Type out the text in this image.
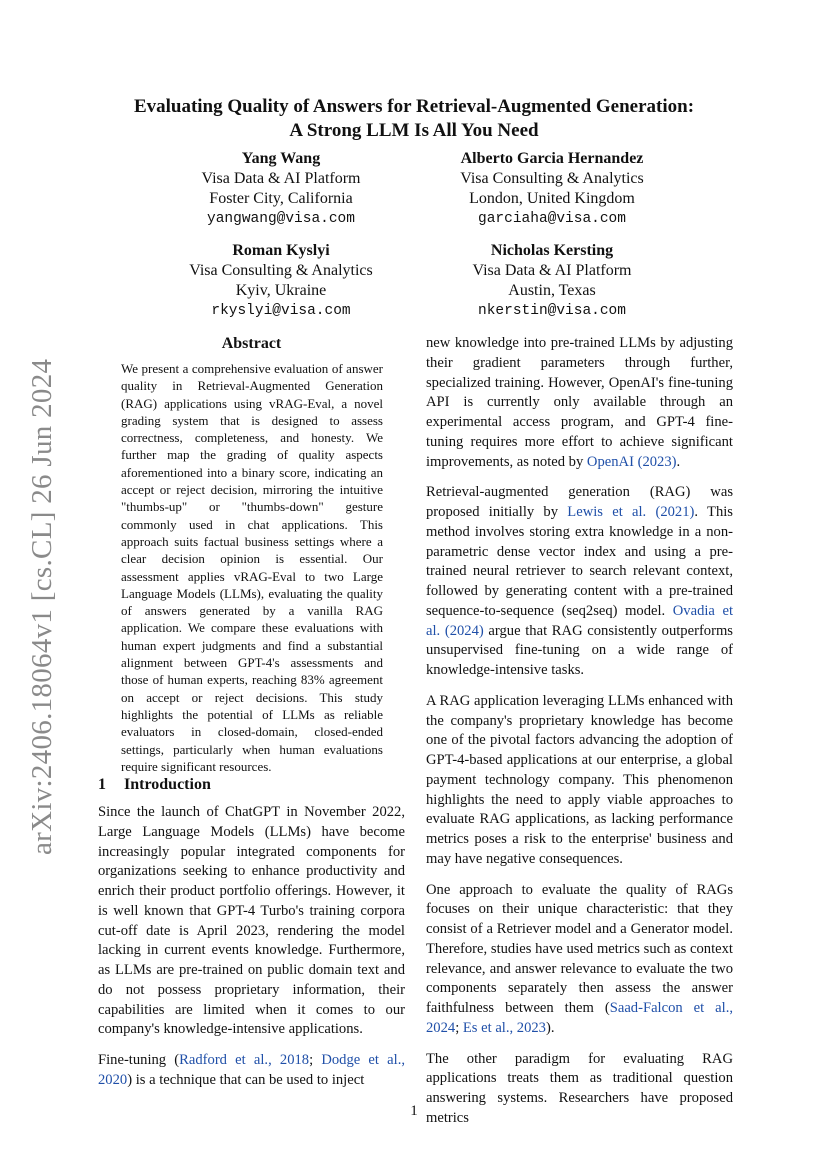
arXiv:2406.18064v1 [cs.CL] 26 Jun 2024
Evaluating Quality of Answers for Retrieval-Augmented Generation:
A Strong LLM Is All You Need
Yang Wang
Visa Data & AI Platform
Foster City, California
yangwang@visa.com
Alberto Garcia Hernandez
Visa Consulting & Analytics
London, United Kingdom
garciaha@visa.com
Roman Kyslyi
Visa Consulting & Analytics
Kyiv, Ukraine
rkyslyi@visa.com
Nicholas Kersting
Visa Data & AI Platform
Austin, Texas
nkerstin@visa.com
Abstract
We present a comprehensive evaluation of answer quality in Retrieval-Augmented Generation (RAG) applications using vRAG-Eval, a novel grading system that is designed to assess correctness, completeness, and honesty. We further map the grading of quality aspects aforementioned into a binary score, indicating an accept or reject decision, mirroring the intuitive "thumbs-up" or "thumbs-down" gesture commonly used in chat applications. This approach suits factual business settings where a clear decision opinion is essential. Our assessment applies vRAG-Eval to two Large Language Models (LLMs), evaluating the quality of answers generated by a vanilla RAG application. We compare these evaluations with human expert judgments and find a substantial alignment between GPT-4's assessments and those of human experts, reaching 83% agreement on accept or reject decisions. This study highlights the potential of LLMs as reliable evaluators in closed-domain, closed-ended settings, particularly when human evaluations require significant resources.
1 Introduction

Since the launch of ChatGPT in November 2022, Large Language Models (LLMs) have become increasingly popular integrated components for organizations seeking to enhance productivity and enrich their product portfolio offerings. However, it is well known that GPT-4 Turbo's training corpora cut-off date is April 2023, rendering the model lacking in current events knowledge. Furthermore, as LLMs are pre-trained on public domain text and do not possess proprietary information, their capabilities are limited when it comes to our company's knowledge-intensive applications.

Fine-tuning (Radford et al., 2018; Dodge et al., 2020) is a technique that can be used to inject

new knowledge into pre-trained LLMs by adjusting their gradient parameters through further, specialized training. However, OpenAI's fine-tuning API is currently only available through an experimental access program, and GPT-4 fine-tuning requires more effort to achieve significant improvements, as noted by OpenAI (2023).

Retrieval-augmented generation (RAG) was proposed initially by Lewis et al. (2021). This method involves storing extra knowledge in a non-parametric dense vector index and using a pre-trained neural retriever to search relevant context, followed by generating content with a pre-trained sequence-to-sequence (seq2seq) model. Ovadia et al. (2024) argue that RAG consistently outperforms unsupervised fine-tuning on a wide range of knowledge-intensive tasks.

A RAG application leveraging LLMs enhanced with the company's proprietary knowledge has become one of the pivotal factors advancing the adoption of GPT-4-based applications at our enterprise, a global payment technology company. This phenomenon highlights the need to apply viable approaches to evaluate RAG applications, as lacking performance metrics poses a risk to the enterprise' business and may have negative consequences.

One approach to evaluate the quality of RAGs focuses on their unique characteristic: that they consist of a Retriever model and a Generator model. Therefore, studies have used metrics such as context relevance, and answer relevance to evaluate the two components separately then assess the answer faithfulness between them (Saad-Falcon et al., 2024; Es et al., 2023).

The other paradigm for evaluating RAG applications treats them as traditional question answering systems. Researchers have proposed metrics

1
